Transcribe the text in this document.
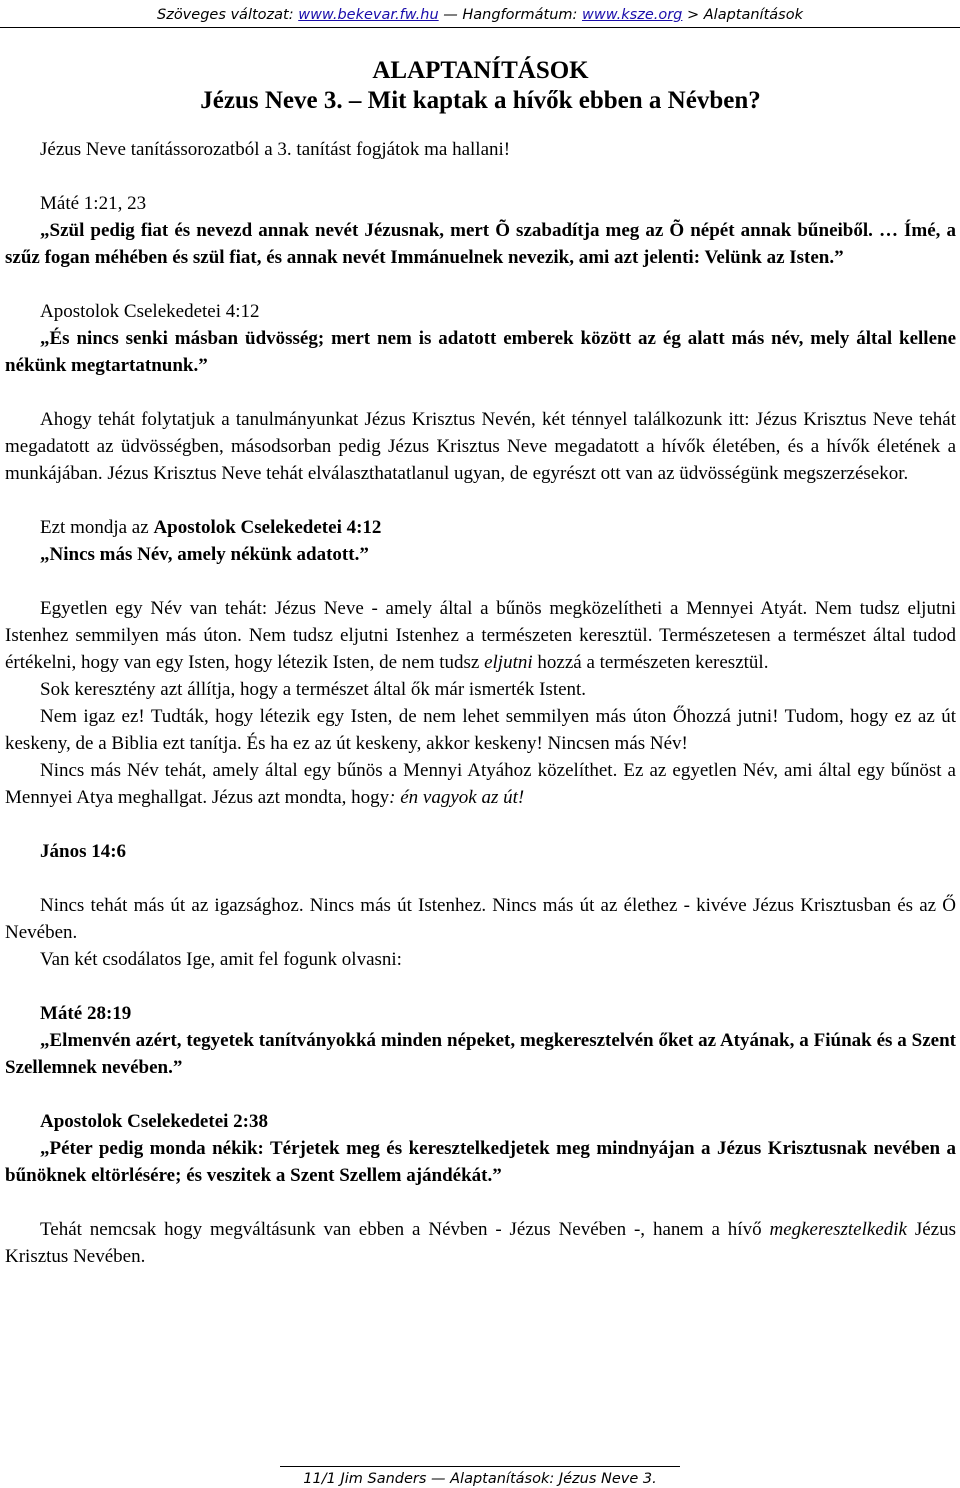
Szöveges változat: www.bekevar.fw.hu — Hangformátum: www.ksze.org > Alaptanítások
ALAPTANÍTÁSOK
Jézus Neve 3. – Mit kaptak a hívők ebben a Névben?

Jézus Neve tanítássorozatból a 3. tanítást fogjátok ma hallani!

Máté 1:21, 23

„Szül pedig fiat és nevezd annak nevét Jézusnak, mert Õ szabadítja meg az Õ népét annak bűneiből. … Ímé, a szűz fogan méhében és szül fiat, és annak nevét Immánuelnek nevezik, ami azt jelenti: Velünk az Isten.”

Apostolok Cselekedetei 4:12

„És nincs senki másban üdvösség; mert nem is adatott emberek között az ég alatt más név, mely által kellene nékünk megtartatnunk.”

Ahogy tehát folytatjuk a tanulmányunkat Jézus Krisztus Nevén, két ténnyel találkozunk itt: Jézus Krisztus Neve tehát megadatott az üdvösségben, másodsorban pedig Jézus Krisztus Neve megadatott a hívők életében, és a hívők életének a munkájában. Jézus Krisztus Neve tehát elválaszthatatlanul ugyan, de egyrészt ott van az üdvösségünk megszerzésekor.

Ezt mondja az Apostolok Cselekedetei 4:12

„Nincs más Név, amely nékünk adatott.”

Egyetlen egy Név van tehát: Jézus Neve - amely által a bűnös megközelítheti a Mennyei Atyát. Nem tudsz eljutni Istenhez semmilyen más úton. Nem tudsz eljutni Istenhez a természeten keresztül. Természetesen a természet által tudod értékelni, hogy van egy Isten, hogy létezik Isten, de nem tudsz eljutni hozzá a természeten keresztül.

Sok keresztény azt állítja, hogy a természet által ők már ismerték Istent.

Nem igaz ez! Tudták, hogy létezik egy Isten, de nem lehet semmilyen más úton Őhozzá jutni! Tudom, hogy ez az út keskeny, de a Biblia ezt tanítja. És ha ez az út keskeny, akkor keskeny! Nincsen más Név!

Nincs más Név tehát, amely által egy bűnös a Mennyi Atyához közelíthet. Ez az egyetlen Név, ami által egy bűnöst a Mennyei Atya meghallgat. Jézus azt mondta, hogy: én vagyok az út!

János 14:6

Nincs tehát más út az igazsághoz. Nincs más út Istenhez. Nincs más út az élethez - kivéve Jézus Krisztusban és az Ő Nevében.

Van két csodálatos Ige, amit fel fogunk olvasni:

Máté 28:19

„Elmenvén azért, tegyetek tanítványokká minden népeket, megkeresztelvén őket az Atyának, a Fiúnak és a Szent Szellemnek nevében.”

Apostolok Cselekedetei 2:38

„Péter pedig monda nékik: Térjetek meg és keresztelkedjetek meg mindnyájan a Jézus Krisztusnak nevében a bűnöknek eltörlésére; és veszitek a Szent Szellem ajándékát.”

Tehát nemcsak hogy megváltásunk van ebben a Névben - Jézus Nevében -, hanem a hívő megkeresztelkedik Jézus Krisztus Nevében.

11/1 Jim Sanders — Alaptanítások: Jézus Neve 3.
